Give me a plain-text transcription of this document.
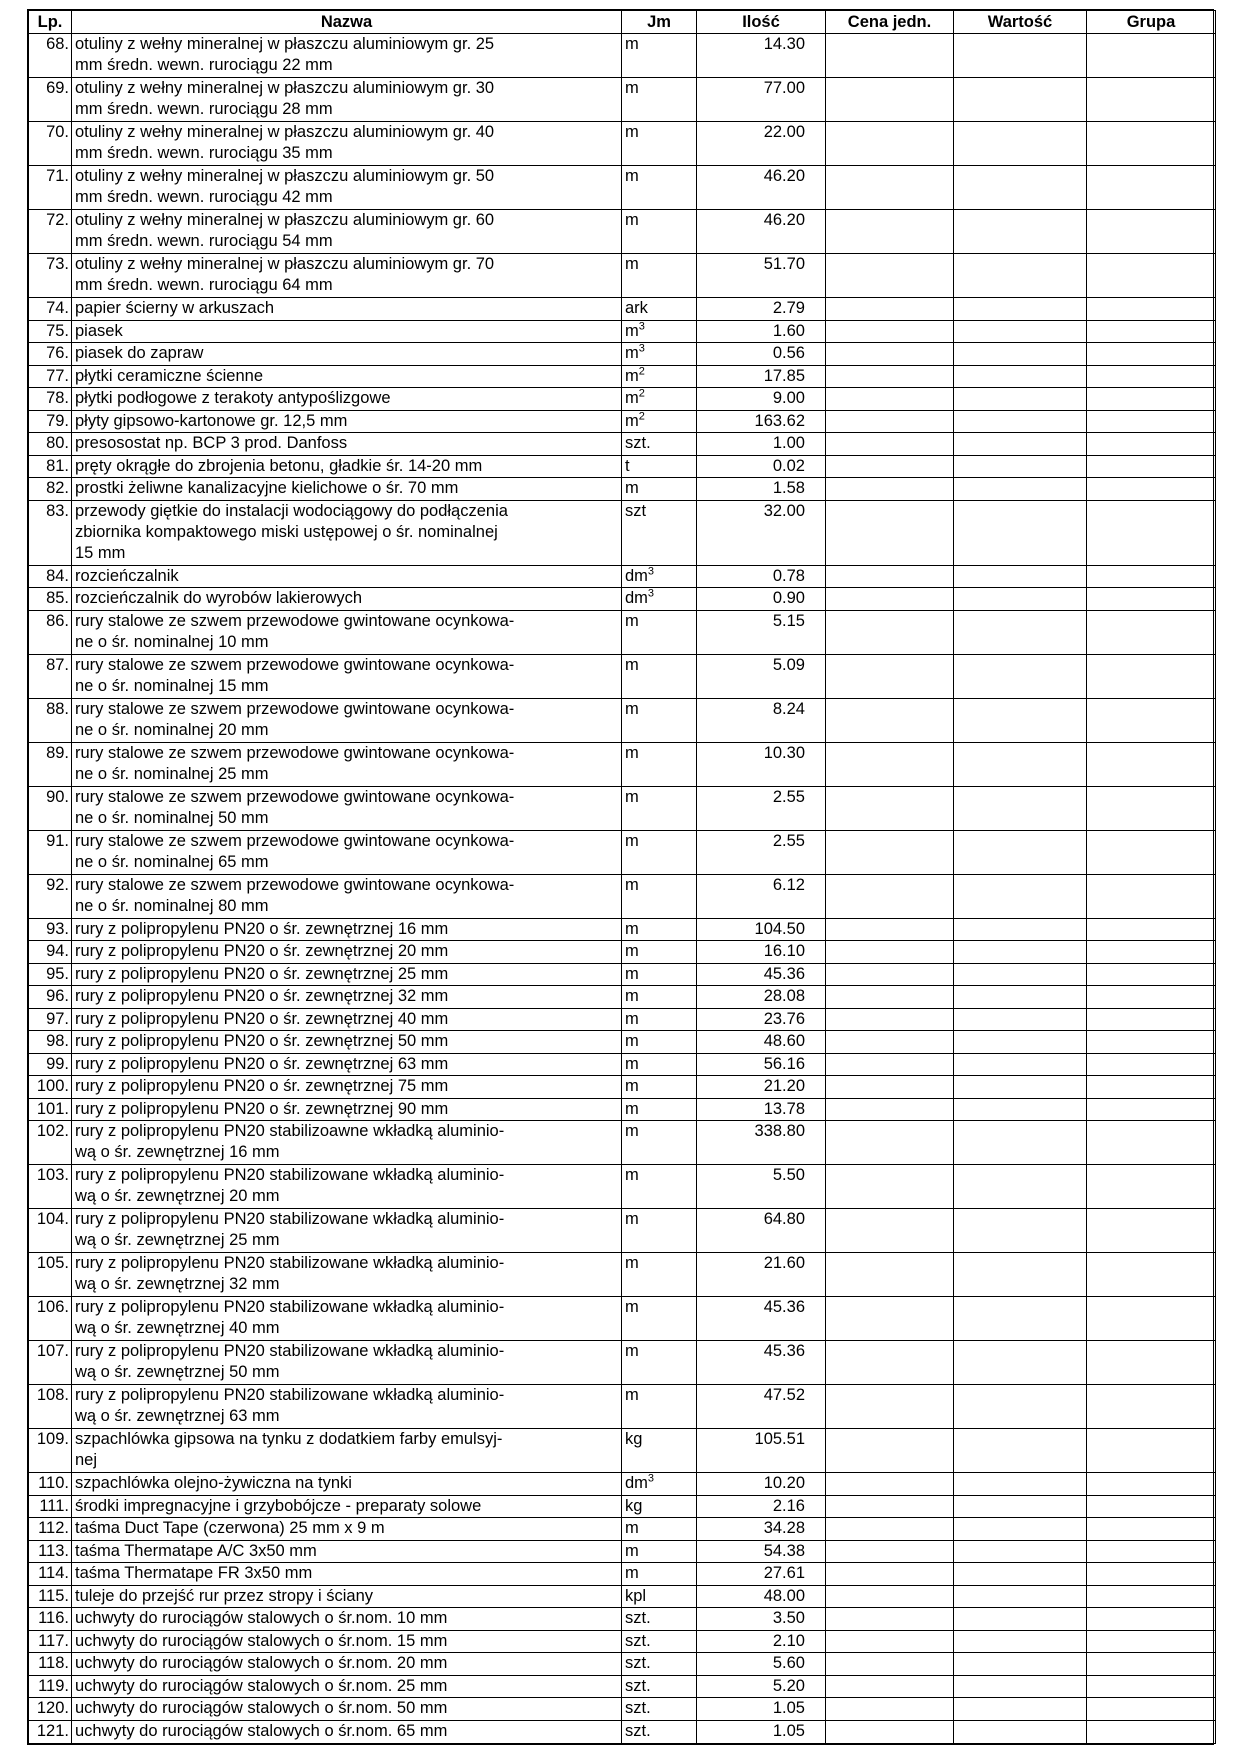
Lp.	Nazwa	Jm	Ilość	Cena jedn.	Wartość	Grupa
68.	otuliny z wełny mineralnej w płaszczu aluminiowym gr. 25
mm średn. wewn. rurociągu 22 mm	m	14.30			
69.	otuliny z wełny mineralnej w płaszczu aluminiowym gr. 30
mm średn. wewn. rurociągu 28 mm	m	77.00			
70.	otuliny z wełny mineralnej w płaszczu aluminiowym gr. 40
mm średn. wewn. rurociągu 35 mm	m	22.00			
71.	otuliny z wełny mineralnej w płaszczu aluminiowym gr. 50
mm średn. wewn. rurociągu 42 mm	m	46.20			
72.	otuliny z wełny mineralnej w płaszczu aluminiowym gr. 60
mm średn. wewn. rurociągu 54 mm	m	46.20			
73.	otuliny z wełny mineralnej w płaszczu aluminiowym gr. 70
mm średn. wewn. rurociągu 64 mm	m	51.70			
74.	papier ścierny w arkuszach	ark	2.79			
75.	piasek	$m^3$	1.60			
76.	piasek do zapraw	$m^3$	0.56			
77.	płytki ceramiczne ścienne	$m^2$	17.85			
78.	płytki podłogowe z terakoty antypoślizgowe	$m^2$	9.00			
79.	płyty gipsowo-kartonowe gr. 12,5 mm	$m^2$	163.62			
80.	presosostat np. BCP 3 prod. Danfoss	szt.	1.00			
81.	pręty okrągłe do zbrojenia betonu, gładkie śr. 14-20 mm	t	0.02			
82.	prostki żeliwne kanalizacyjne kielichowe o śr. 70 mm	m	1.58			
83.	przewody giętkie do instalacji wodociągowy do podłączenia
zbiornika kompaktowego miski ustępowej o śr. nominalnej
15 mm	szt	32.00			
84.	rozcieńczalnik	$dm^3$	0.78			
85.	rozcieńczalnik do wyrobów lakierowych	$dm^3$	0.90			
86.	rury stalowe ze szwem przewodowe gwintowane ocynkowa-
ne o śr. nominalnej 10 mm	m	5.15			
87.	rury stalowe ze szwem przewodowe gwintowane ocynkowa-
ne o śr. nominalnej 15 mm	m	5.09			
88.	rury stalowe ze szwem przewodowe gwintowane ocynkowa-
ne o śr. nominalnej 20 mm	m	8.24			
89.	rury stalowe ze szwem przewodowe gwintowane ocynkowa-
ne o śr. nominalnej 25 mm	m	10.30			
90.	rury stalowe ze szwem przewodowe gwintowane ocynkowa-
ne o śr. nominalnej 50 mm	m	2.55			
91.	rury stalowe ze szwem przewodowe gwintowane ocynkowa-
ne o śr. nominalnej 65 mm	m	2.55			
92.	rury stalowe ze szwem przewodowe gwintowane ocynkowa-
ne o śr. nominalnej 80 mm	m	6.12			
93.	rury z polipropylenu PN20 o śr. zewnętrznej 16 mm	m	104.50			
94.	rury z polipropylenu PN20 o śr. zewnętrznej 20 mm	m	16.10			
95.	rury z polipropylenu PN20 o śr. zewnętrznej 25 mm	m	45.36			
96.	rury z polipropylenu PN20 o śr. zewnętrznej 32 mm	m	28.08			
97.	rury z polipropylenu PN20 o śr. zewnętrznej 40 mm	m	23.76			
98.	rury z polipropylenu PN20 o śr. zewnętrznej 50 mm	m	48.60			
99.	rury z polipropylenu PN20 o śr. zewnętrznej 63 mm	m	56.16			
100.	rury z polipropylenu PN20 o śr. zewnętrznej 75 mm	m	21.20			
101.	rury z polipropylenu PN20 o śr. zewnętrznej 90 mm	m	13.78			
102.	rury z polipropylenu PN20 stabilizoawne wkładką aluminio-
wą o śr. zewnętrznej 16 mm	m	338.80			
103.	rury z polipropylenu PN20 stabilizowane wkładką aluminio-
wą o śr. zewnętrznej 20 mm	m	5.50			
104.	rury z polipropylenu PN20 stabilizowane wkładką aluminio-
wą o śr. zewnętrznej 25 mm	m	64.80			
105.	rury z polipropylenu PN20 stabilizowane wkładką aluminio-
wą o śr. zewnętrznej 32 mm	m	21.60			
106.	rury z polipropylenu PN20 stabilizowane wkładką aluminio-
wą o śr. zewnętrznej 40 mm	m	45.36			
107.	rury z polipropylenu PN20 stabilizowane wkładką aluminio-
wą o śr. zewnętrznej 50 mm	m	45.36			
108.	rury z polipropylenu PN20 stabilizowane wkładką aluminio-
wą o śr. zewnętrznej 63 mm	m	47.52			
109.	szpachlówka gipsowa na tynku z dodatkiem farby emulsyj-
nej	kg	105.51			
110.	szpachlówka olejno-żywiczna na tynki	$dm^3$	10.20			
111.	środki impregnacyjne i grzybobójcze - preparaty solowe	kg	2.16			
112.	taśma Duct Tape (czerwona) 25 mm x 9 m	m	34.28			
113.	taśma Thermatape A/C 3x50 mm	m	54.38			
114.	taśma Thermatape FR 3x50 mm	m	27.61			
115.	tuleje do przejść rur przez stropy i ściany	kpl	48.00			
116.	uchwyty do rurociągów stalowych o śr.nom. 10 mm	szt.	3.50			
117.	uchwyty do rurociągów stalowych o śr.nom. 15 mm	szt.	2.10			
118.	uchwyty do rurociągów stalowych o śr.nom. 20 mm	szt.	5.60			
119.	uchwyty do rurociągów stalowych o śr.nom. 25 mm	szt.	5.20			
120.	uchwyty do rurociągów stalowych o śr.nom. 50 mm	szt.	1.05			
121.	uchwyty do rurociągów stalowych o śr.nom. 65 mm	szt.	1.05			
